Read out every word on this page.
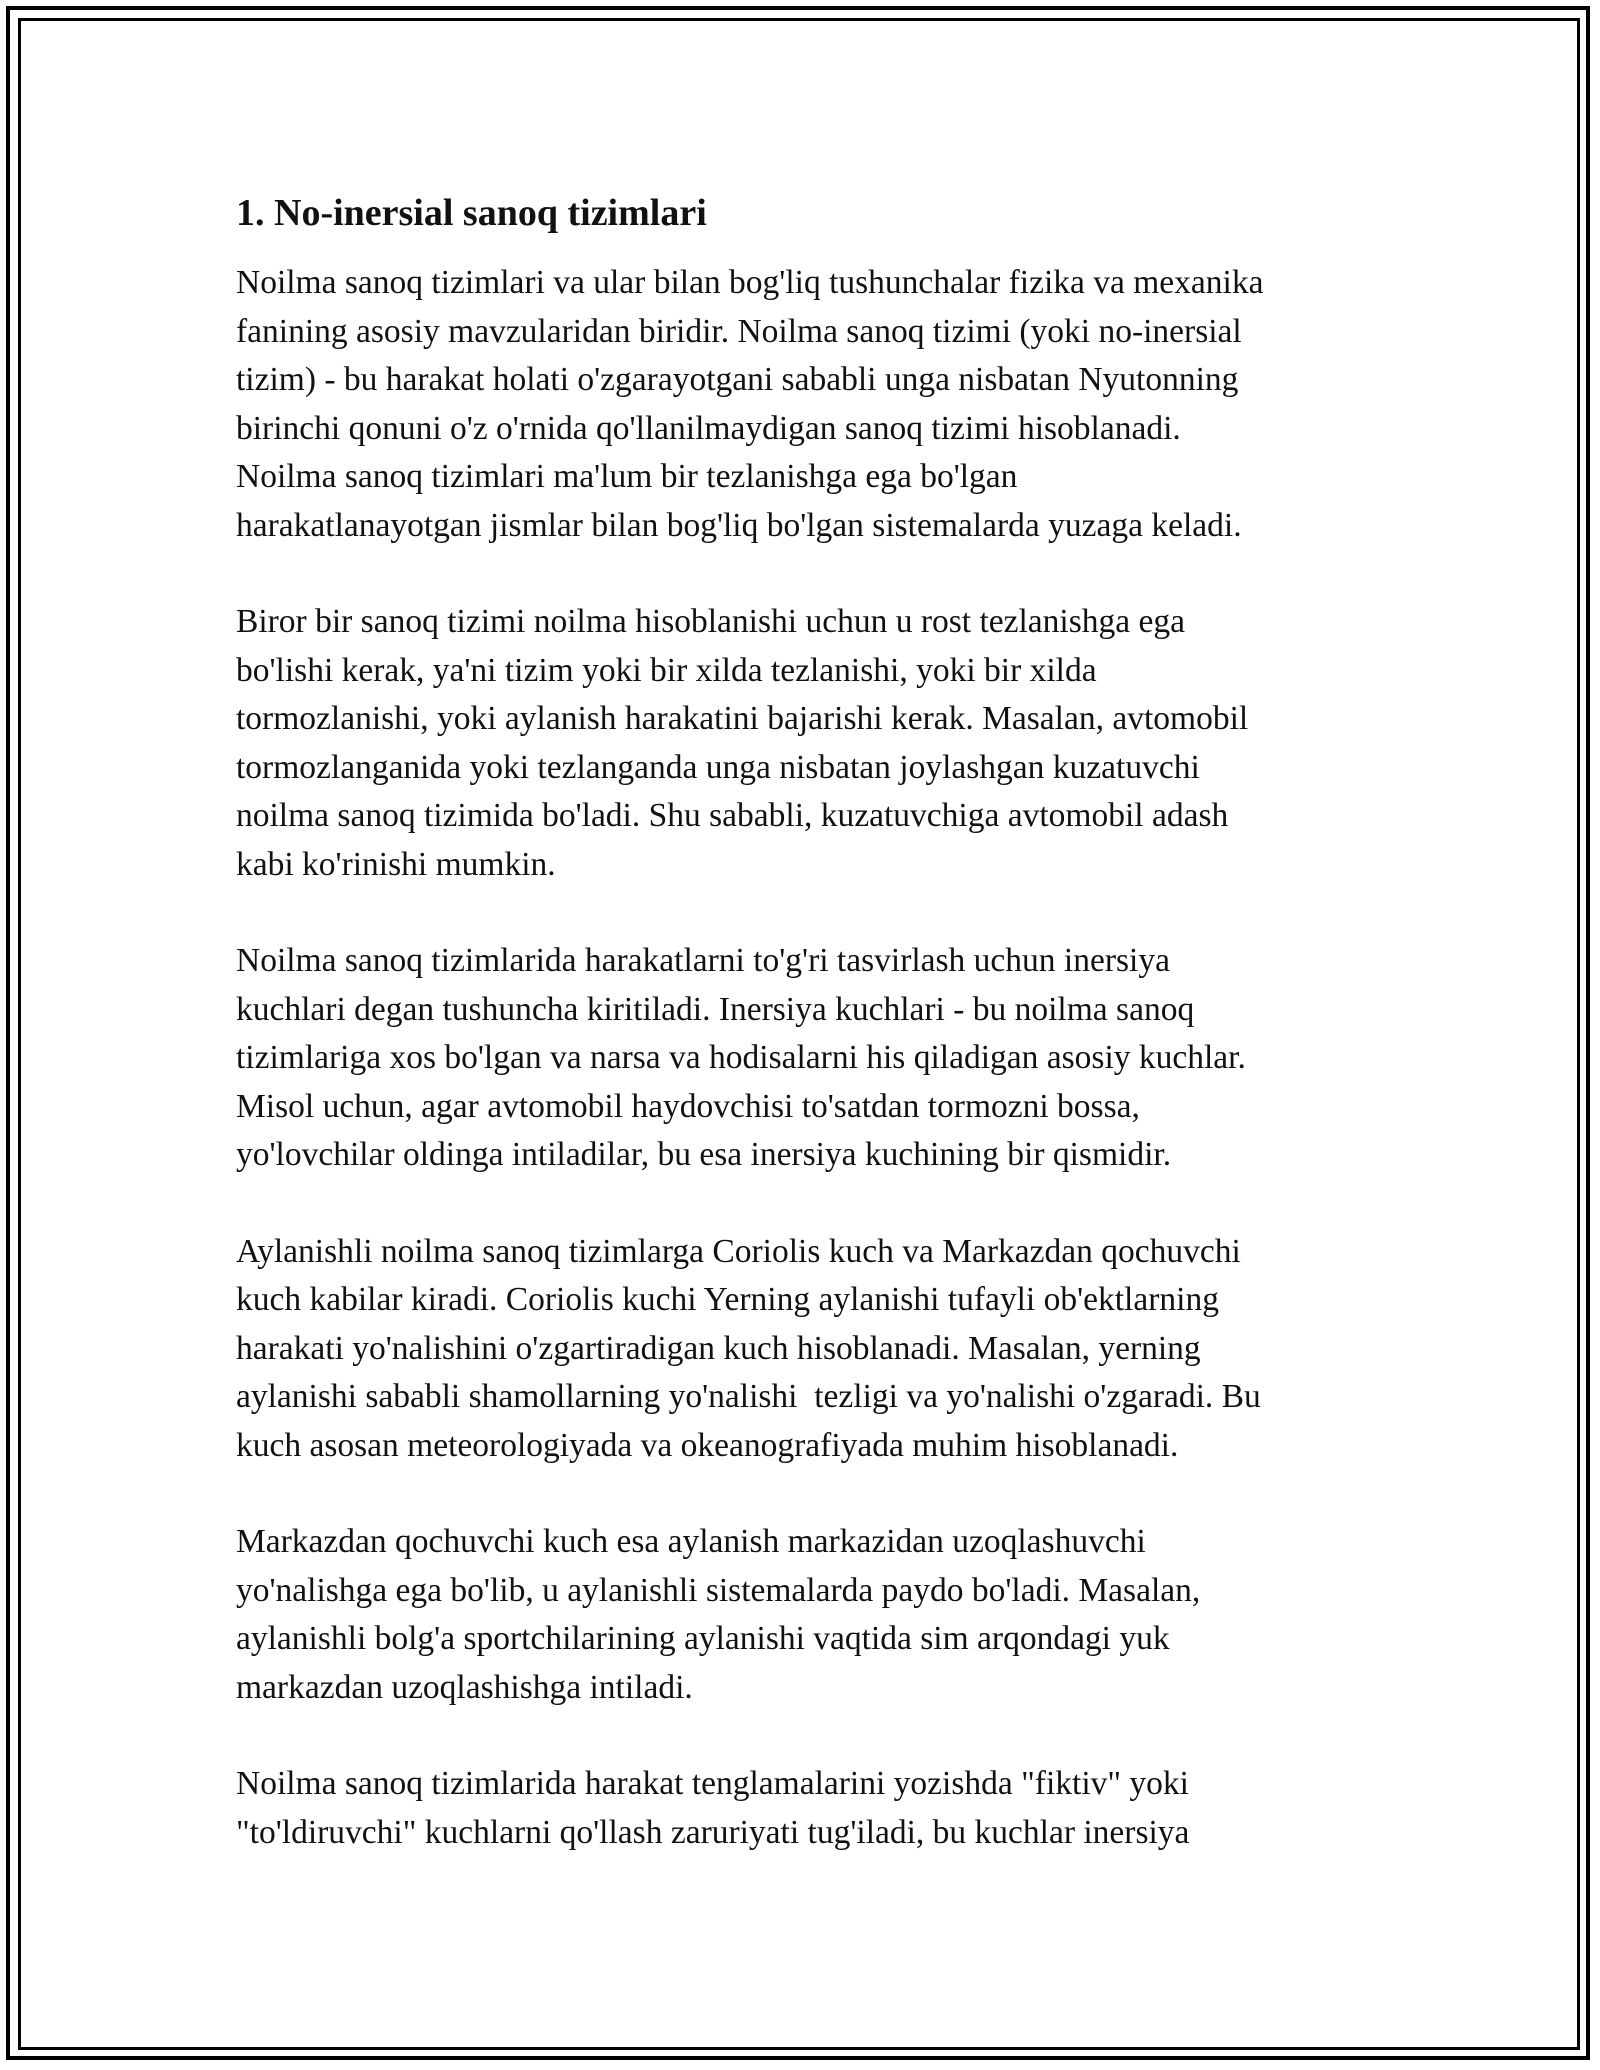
1. No-inersial sanoq tizimlari
Noilma sanoq tizimlari va ular bilan bog'liq tushunchalar fizika va mexanika
fanining asosiy mavzularidan biridir. Noilma sanoq tizimi (yoki no-inersial
tizim) - bu harakat holati o'zgarayotgani sababli unga nisbatan Nyutonning
birinchi qonuni o'z o'rnida qo'llanilmaydigan sanoq tizimi hisoblanadi.
Noilma sanoq tizimlari ma'lum bir tezlanishga ega bo'lgan
harakatlanayotgan jismlar bilan bog'liq bo'lgan sistemalarda yuzaga keladi.
Biror bir sanoq tizimi noilma hisoblanishi uchun u rost tezlanishga ega
bo'lishi kerak, ya'ni tizim yoki bir xilda tezlanishi, yoki bir xilda
tormozlanishi, yoki aylanish harakatini bajarishi kerak. Masalan, avtomobil
tormozlanganida yoki tezlanganda unga nisbatan joylashgan kuzatuvchi
noilma sanoq tizimida bo'ladi. Shu sababli, kuzatuvchiga avtomobil adash
kabi ko'rinishi mumkin.
Noilma sanoq tizimlarida harakatlarni to'g'ri tasvirlash uchun inersiya
kuchlari degan tushuncha kiritiladi. Inersiya kuchlari - bu noilma sanoq
tizimlariga xos bo'lgan va narsa va hodisalarni his qiladigan asosiy kuchlar.
Misol uchun, agar avtomobil haydovchisi to'satdan tormozni bossa,
yo'lovchilar oldinga intiladilar, bu esa inersiya kuchining bir qismidir.
Aylanishli noilma sanoq tizimlarga Coriolis kuch va Markazdan qochuvchi
kuch kabilar kiradi. Coriolis kuchi Yerning aylanishi tufayli ob'ektlarning
harakati yo'nalishini o'zgartiradigan kuch hisoblanadi. Masalan, yerning
aylanishi sababli shamollarning yo'nalishi  tezligi va yo'nalishi o'zgaradi. Bu
kuch asosan meteorologiyada va okeanografiyada muhim hisoblanadi.
Markazdan qochuvchi kuch esa aylanish markazidan uzoqlashuvchi
yo'nalishga ega bo'lib, u aylanishli sistemalarda paydo bo'ladi. Masalan,
aylanishli bolg'a sportchilarining aylanishi vaqtida sim arqondagi yuk
markazdan uzoqlashishga intiladi.
Noilma sanoq tizimlarida harakat tenglamalarini yozishda "fiktiv" yoki
"to'ldiruvchi" kuchlarni qo'llash zaruriyati tug'iladi, bu kuchlar inersiya
